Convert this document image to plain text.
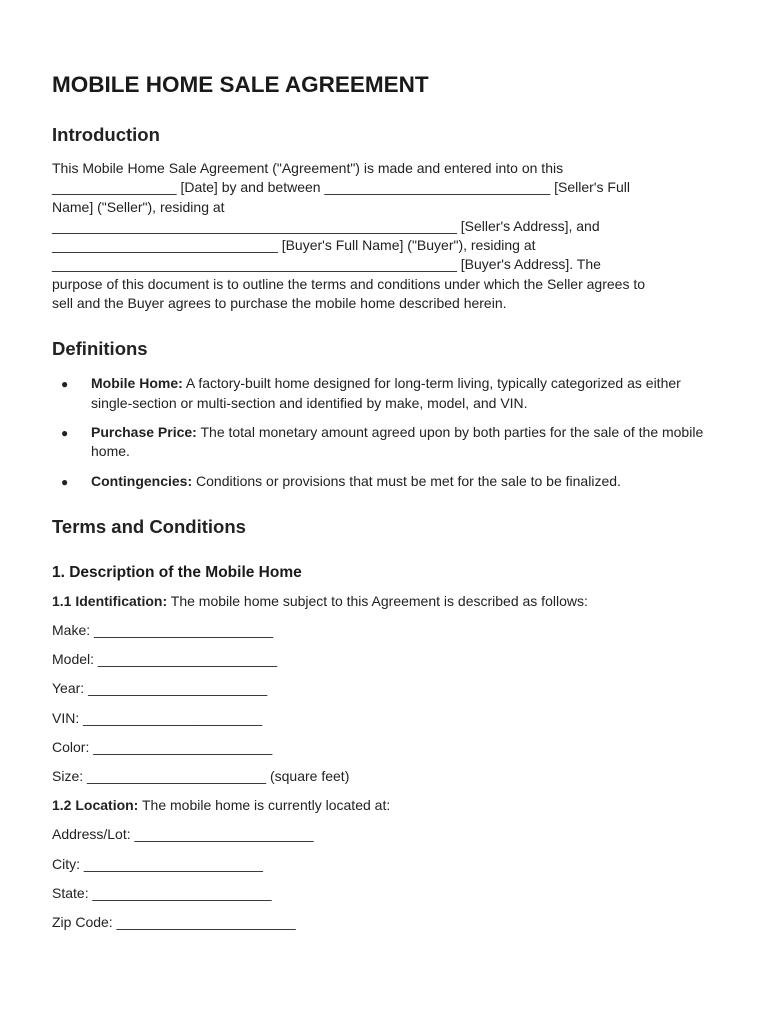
MOBILE HOME SALE AGREEMENT
Introduction

This Mobile Home Sale Agreement ("Agreement") is made and entered into on this

________________ [Date] by and between _____________________________ [Seller's Full

Name] ("Seller"), residing at

____________________________________________________ [Seller's Address], and

_____________________________ [Buyer's Full Name] ("Buyer"), residing at

____________________________________________________ [Buyer's Address]. The

purpose of this document is to outline the terms and conditions under which the Seller agrees to

sell and the Buyer agrees to purchase the mobile home described herein.

Definitions
● Mobile Home: A factory-built home designed for long-term living, typically categorized as either single-section or multi-section and identified by make, model, and VIN.
● Purchase Price: The total monetary amount agreed upon by both parties for the sale of the mobile home.
● Contingencies: Conditions or provisions that must be met for the sale to be finalized.
Terms and Conditions
1. Description of the Mobile Home

1.1 Identification: The mobile home subject to this Agreement is described as follows:

Make: _______________________

Model: _______________________

Year: _______________________

VIN: _______________________

Color: _______________________

Size: _______________________ (square feet)

1.2 Location: The mobile home is currently located at:

Address/Lot: _______________________

City: _______________________

State: _______________________

Zip Code: _______________________
